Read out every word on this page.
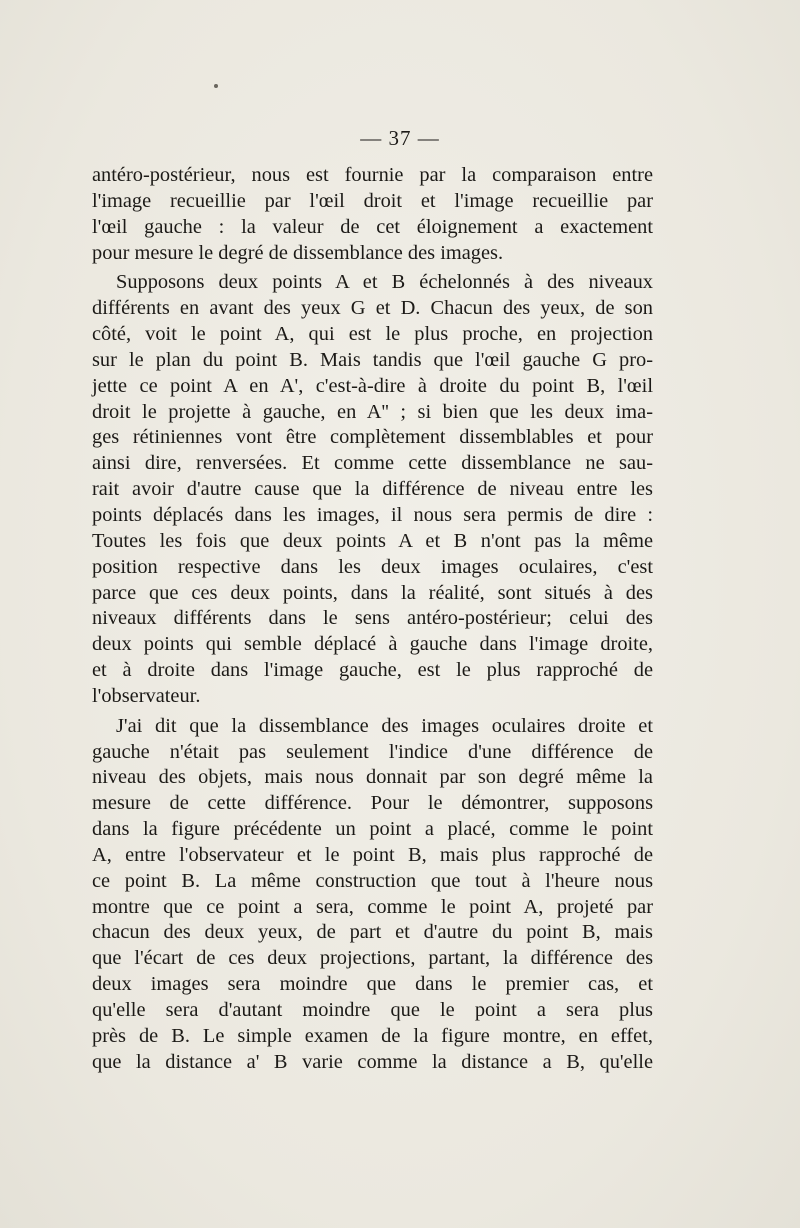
— 37 —
antéro-postérieur, nous est fournie par la comparaison entre
l'image recueillie par l'œil droit et l'image recueillie par
l'œil gauche : la valeur de cet éloignement a exactement
pour mesure le degré de dissemblance des images.
Supposons deux points A et B échelonnés à des niveaux
différents en avant des yeux G et D. Chacun des yeux, de son
côté, voit le point A, qui est le plus proche, en projection
sur le plan du point B. Mais tandis que l'œil gauche G pro-
jette ce point A en A', c'est-à-dire à droite du point B, l'œil
droit le projette à gauche, en A'' ; si bien que les deux ima-
ges rétiniennes vont être complètement dissemblables et pour
ainsi dire, renversées. Et comme cette dissemblance ne sau-
rait avoir d'autre cause que la différence de niveau entre les
points déplacés dans les images, il nous sera permis de dire :
Toutes les fois que deux points A et B n'ont pas la même
position respective dans les deux images oculaires, c'est
parce que ces deux points, dans la réalité, sont situés à des
niveaux différents dans le sens antéro-postérieur; celui des
deux points qui semble déplacé à gauche dans l'image droite,
et à droite dans l'image gauche, est le plus rapproché de
l'observateur.
J'ai dit que la dissemblance des images oculaires droite et
gauche n'était pas seulement l'indice d'une différence de
niveau des objets, mais nous donnait par son degré même la
mesure de cette différence. Pour le démontrer, supposons
dans la figure précédente un point a placé, comme le point
A, entre l'observateur et le point B, mais plus rapproché de
ce point B. La même construction que tout à l'heure nous
montre que ce point a sera, comme le point A, projeté par
chacun des deux yeux, de part et d'autre du point B, mais
que l'écart de ces deux projections, partant, la différence des
deux images sera moindre que dans le premier cas, et
qu'elle sera d'autant moindre que le point a sera plus
près de B. Le simple examen de la figure montre, en effet,
que la distance a' B varie comme la distance a B, qu'elle
